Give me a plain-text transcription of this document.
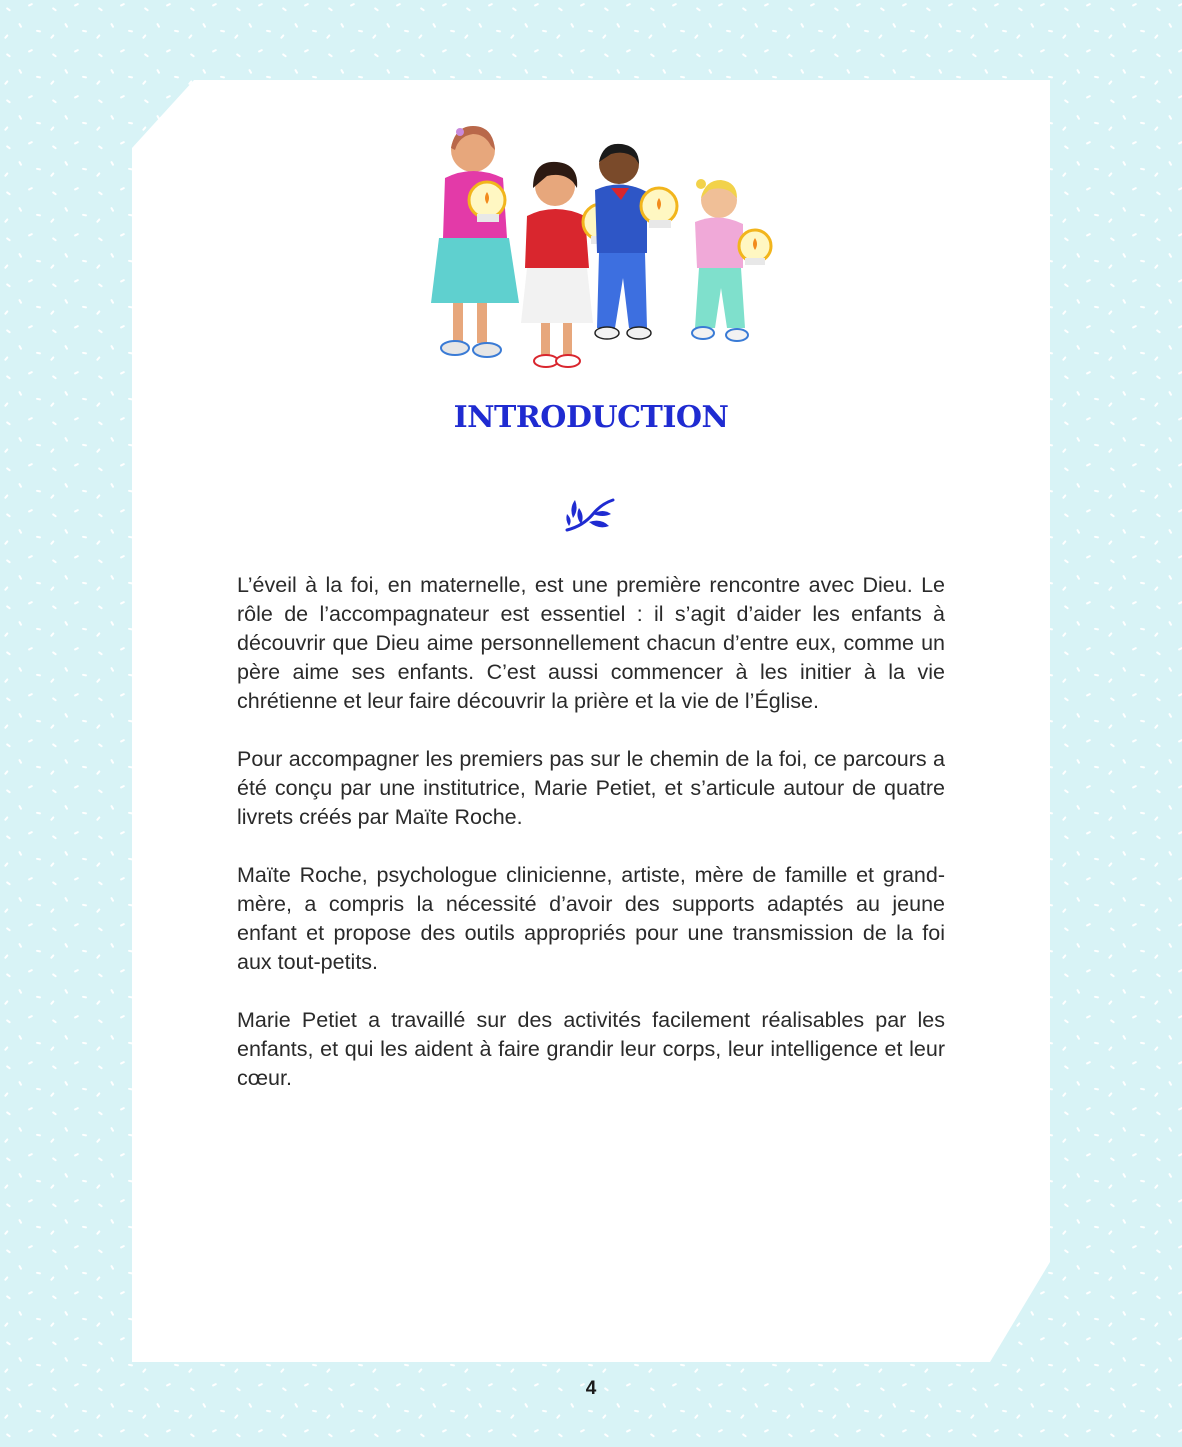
INTRODUCTION

L’éveil à la foi, en maternelle, est une première rencontre avec Dieu. Le rôle de l’accompagnateur est essentiel : il s’agit d’aider les enfants à découvrir que Dieu aime personnellement chacun d’entre eux, comme un père aime ses enfants. C’est aussi commencer à les initier à la vie chrétienne et leur faire découvrir la prière et la vie de l’Église.

Pour accompagner les premiers pas sur le chemin de la foi, ce parcours a été conçu par une institutrice, Marie Petiet, et s’articule autour de quatre livrets créés par Maïte Roche.

Maïte Roche, psychologue clinicienne, artiste, mère de famille et grand-mère, a compris la nécessité d’avoir des supports adaptés au jeune enfant et propose des outils appropriés pour une transmission de la foi aux tout-petits.

Marie Petiet a travaillé sur des activités facilement réalisables par les enfants, et qui les aident à faire grandir leur corps, leur intelligence et leur cœur.

4
